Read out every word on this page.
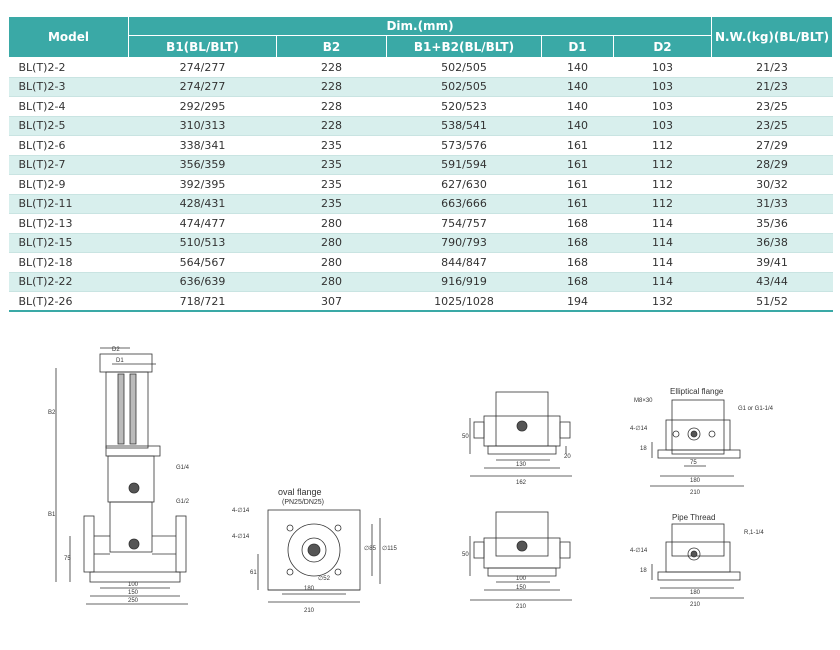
Model	Dim.(mm)					N.W.(kg)(BL/BLT)
	B1(BL/BLT)	B2	B1+B2(BL/BLT)	D1	D2	
BL(T)2-2	274/277	228	502/505	140	103	21/23
BL(T)2-3	274/277	228	502/505	140	103	21/23
BL(T)2-4	292/295	228	520/523	140	103	23/25
BL(T)2-5	310/313	228	538/541	140	103	23/25
BL(T)2-6	338/341	235	573/576	161	112	27/29
BL(T)2-7	356/359	235	591/594	161	112	28/29
BL(T)2-9	392/395	235	627/630	161	112	30/32
BL(T)2-11	428/431	235	663/666	161	112	31/33
BL(T)2-13	474/477	280	754/757	168	114	35/36
BL(T)2-15	510/513	280	790/793	168	114	36/38
BL(T)2-18	564/567	280	844/847	168	114	39/41
BL(T)2-22	636/639	280	916/919	168	114	43/44
BL(T)2-26	718/721	307	1025/1028	194	132	51/52
D2
D1
B2
B1
G1/4
G1/2
75
100
150
250
oval flange
(PN25/DN25)
4-∅14
4-∅14
61
∅52
180
210
∅85 ∅115
50
130
162
20
50
100
150
210
Elliptical flange
M8×30
G1 or G1-1/4
4-∅14
18
75
180
210
Pipe Thread
R,1-1/4
4-∅14
18
180
210
